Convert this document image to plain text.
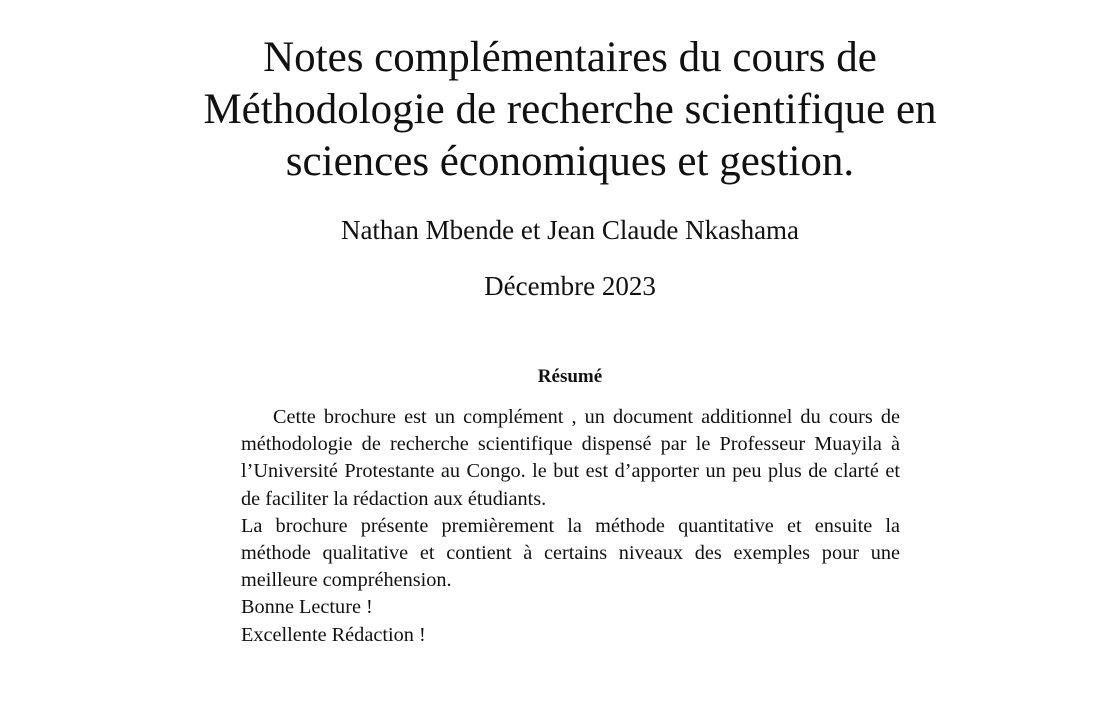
Notes complémentaires du cours de
Méthodologie de recherche scientifique en
sciences économiques et gestion.
Nathan Mbende et Jean Claude Nkashama
Décembre 2023
Résumé

Cette brochure est un complément , un document additionnel du cours de méthodologie de recherche scientifique dispensé par le Professeur Muayila à l’Université Protestante au Congo. le but est d’apporter un peu plus de clarté et de faciliter la rédaction aux étudiants.

La brochure présente premièrement la méthode quantitative et ensuite la méthode qualitative et contient à certains niveaux des exemples pour une meilleure compréhension.

Bonne Lecture !

Excellente Rédaction !
